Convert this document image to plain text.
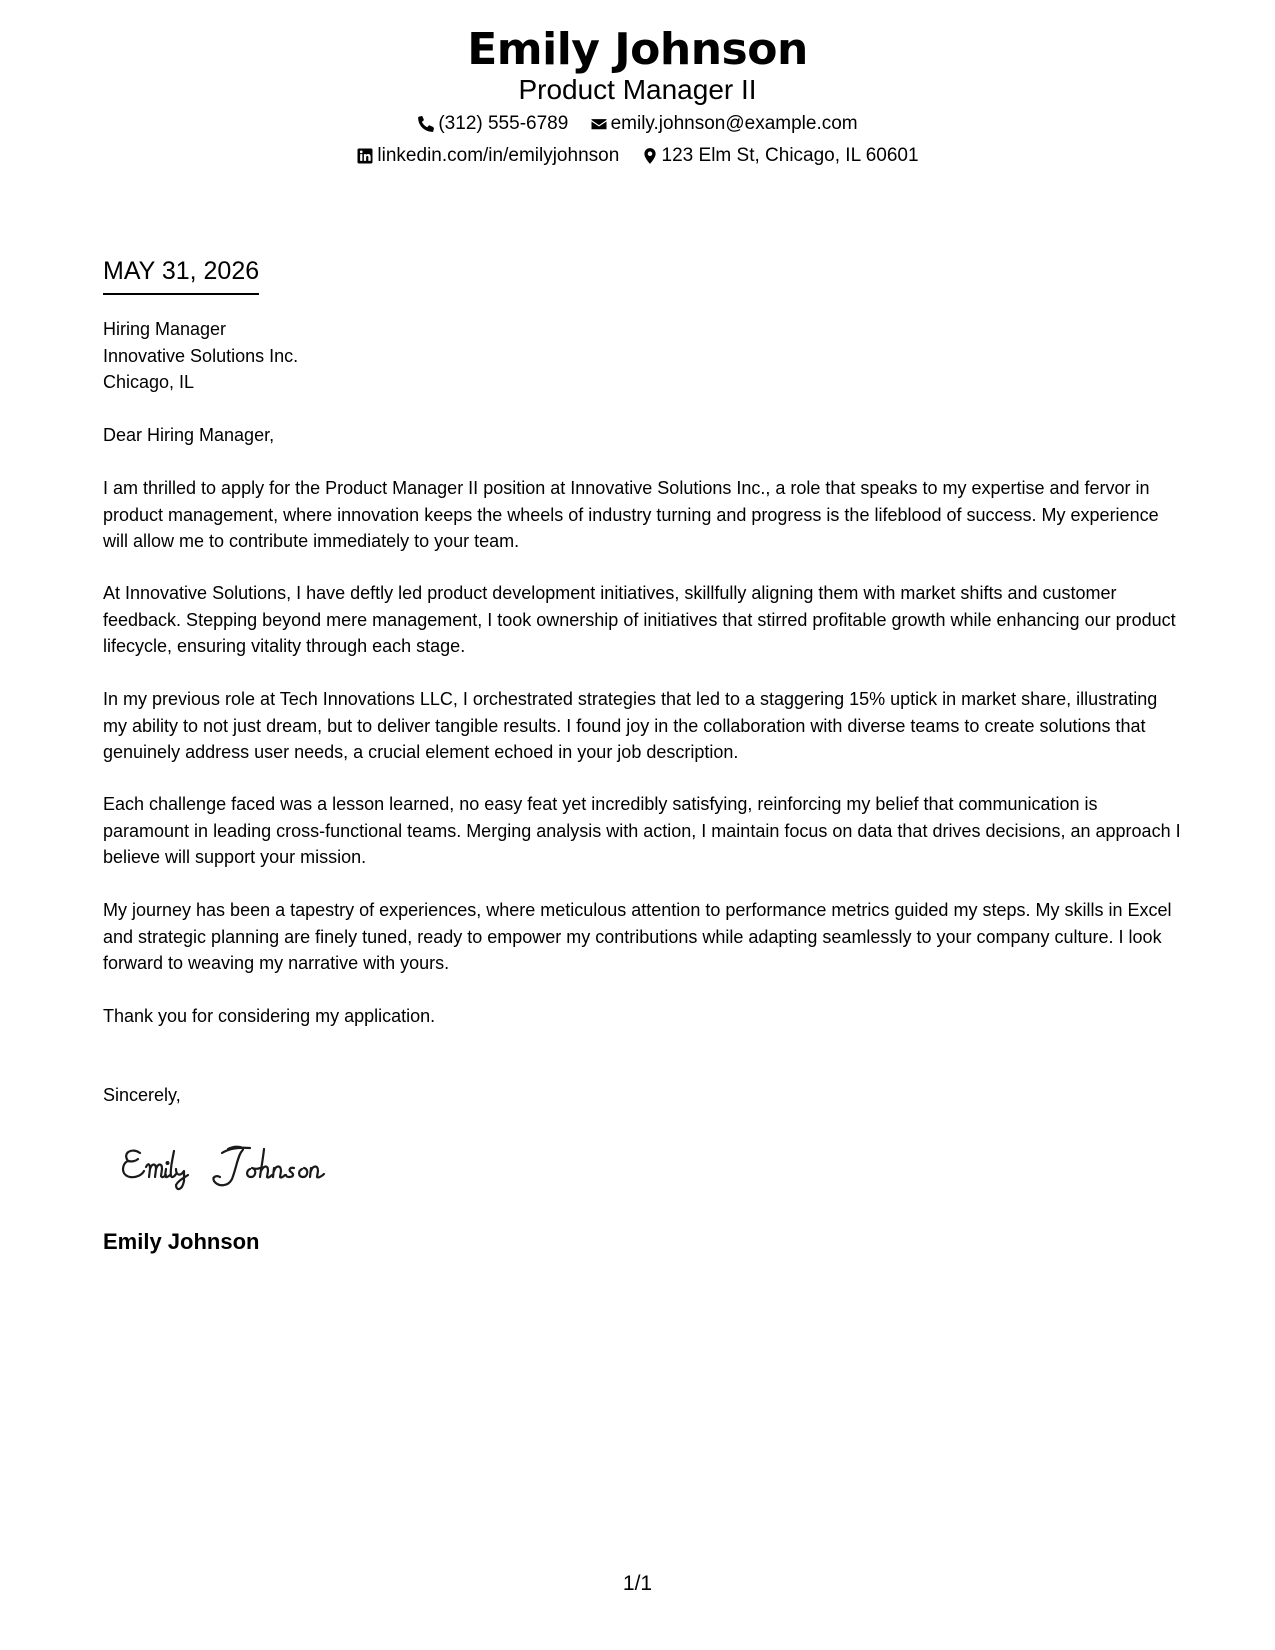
Emily Johnson
Product Manager II
(312) 555-6789
emily.johnson@example.com
linkedin.com/in/emilyjohnson
123 Elm St, Chicago, IL 60601
MAY 31, 2026
Hiring Manager
Innovative Solutions Inc.
Chicago, IL
Dear Hiring Manager,

I am thrilled to apply for the Product Manager II position at Innovative Solutions Inc., a role that speaks to my expertise and fervor in product management, where innovation keeps the wheels of industry turning and progress is the lifeblood of success. My experience will allow me to contribute immediately to your team.

At Innovative Solutions, I have deftly led product development initiatives, skillfully aligning them with market shifts and customer feedback. Stepping beyond mere management, I took ownership of initiatives that stirred profitable growth while enhancing our product lifecycle, ensuring vitality through each stage.

In my previous role at Tech Innovations LLC, I orchestrated strategies that led to a staggering 15% uptick in market share, illustrating my ability to not just dream, but to deliver tangible results. I found joy in the collaboration with diverse teams to create solutions that genuinely address user needs, a crucial element echoed in your job description.

Each challenge faced was a lesson learned, no easy feat yet incredibly satisfying, reinforcing my belief that communication is paramount in leading cross-functional teams. Merging analysis with action, I maintain focus on data that drives decisions, an approach I believe will support your mission.

My journey has been a tapestry of experiences, where meticulous attention to performance metrics guided my steps. My skills in Excel and strategic planning are finely tuned, ready to empower my contributions while adapting seamlessly to your company culture. I look forward to weaving my narrative with yours.

Thank you for considering my application.
Sincerely,
Emily Johnson
1/1
